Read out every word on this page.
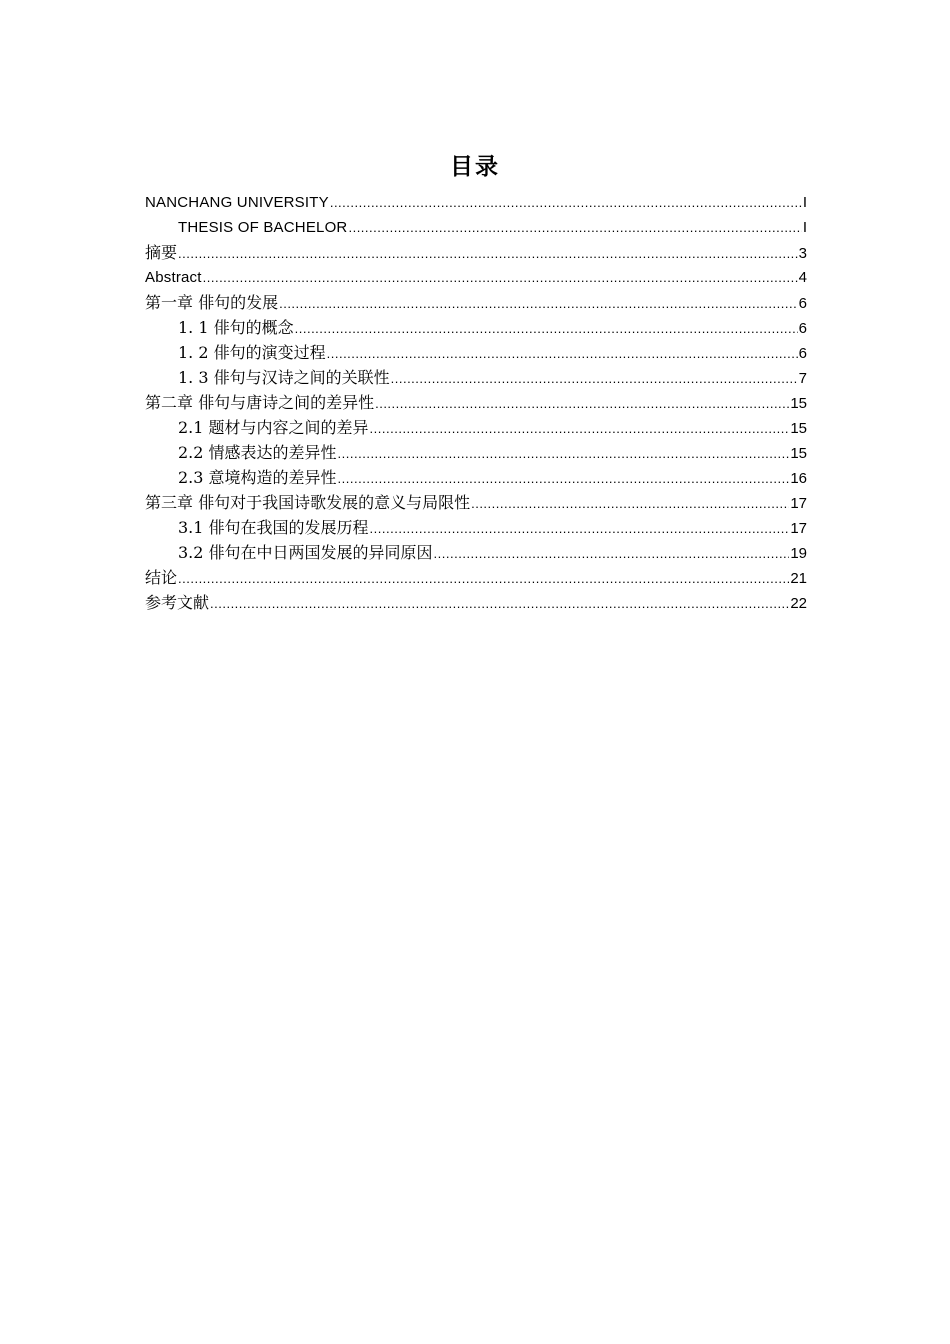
目录
NANCHANG UNIVERSITY .....	I
THESIS OF BACHELOR .....	I
摘要 .....	3
Abstract .....	4
第一章 俳句的发展 .....	6
1. 1 俳句的概念 .....	6
1. 2 俳句的演变过程 .....	6
1. 3 俳句与汉诗之间的关联性 .....	7
第二章 俳句与唐诗之间的差异性 .....	15
2.1 题材与内容之间的差异 .....	15
2.2 情感表达的差异性 .....	15
2.3 意境构造的差异性 .....	16
第三章 俳句对于我国诗歌发展的意义与局限性 .....	17
3.1 俳句在我国的发展历程 .....	17
3.2 俳句在中日两国发展的异同原因 .....	19
结论 .....	21
参考文献 .....	22
